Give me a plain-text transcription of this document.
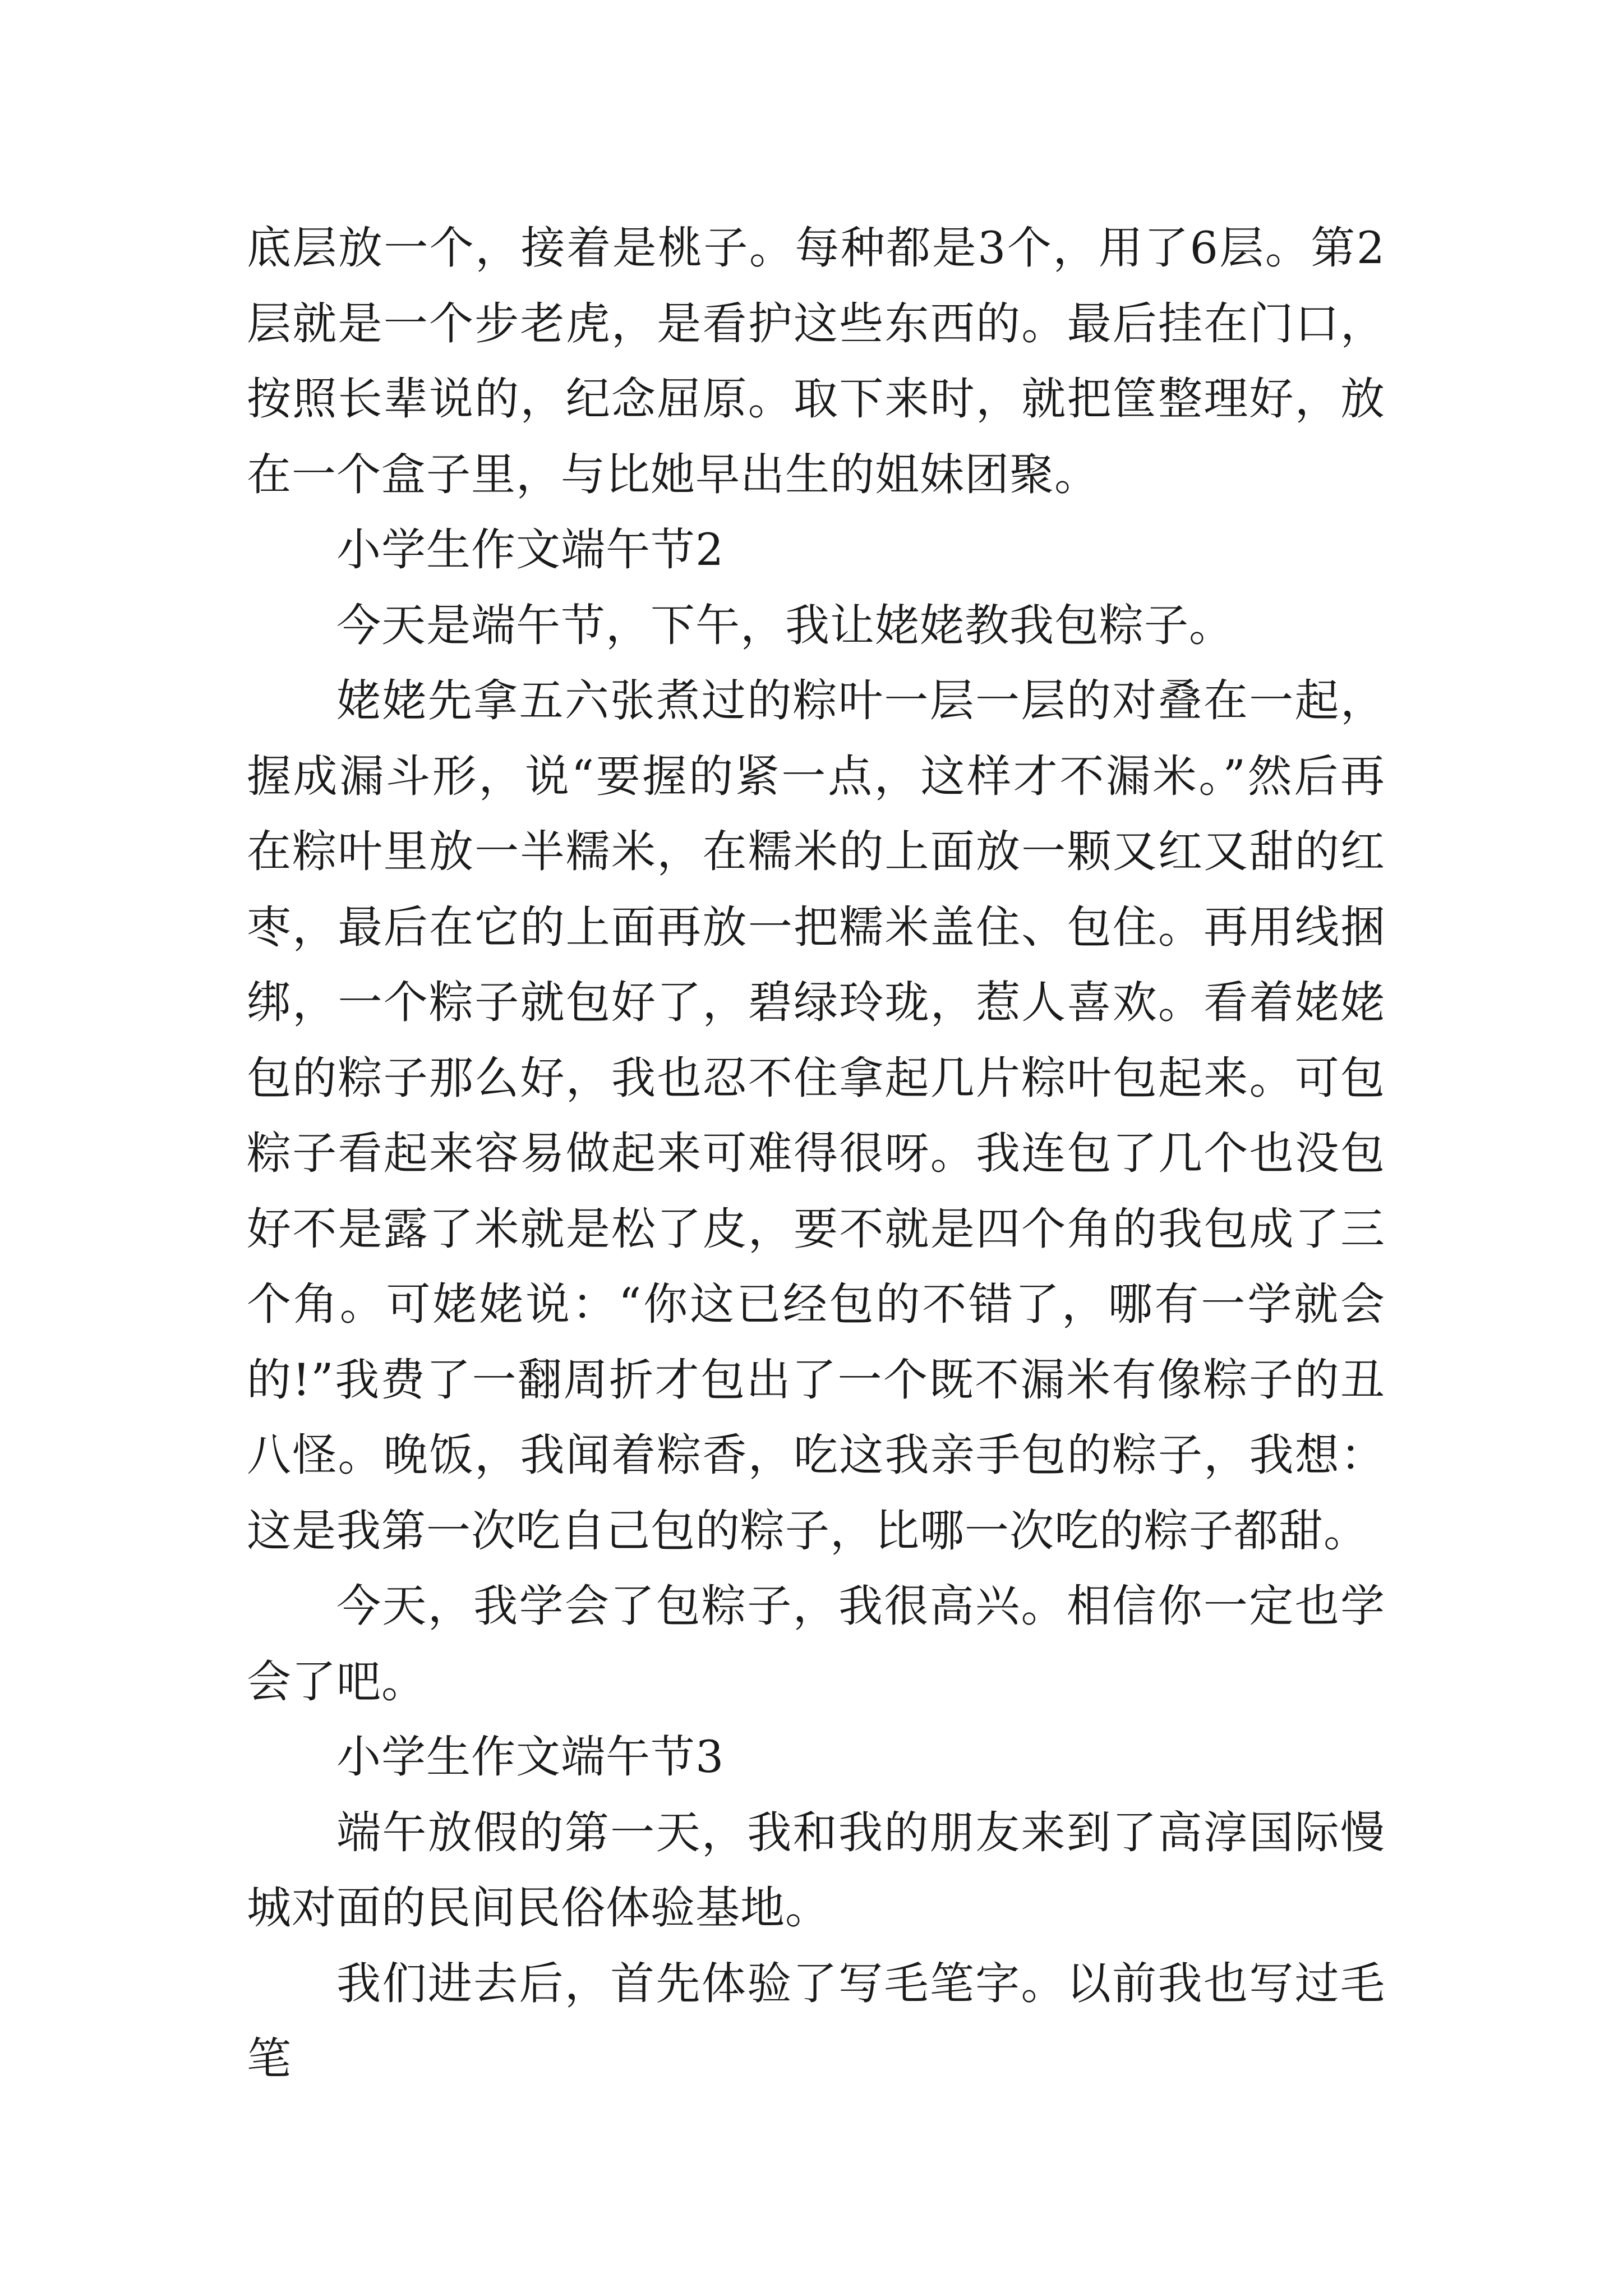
底层放一个，接着是桃子。每种都是3个，用了6层。第2层就是一个步老虎，是看护这些东西的。最后挂在门口，按照长辈说的，纪念屈原。取下来时，就把筐整理好，放在一个盒子里，与比她早出生的姐妹团聚。

小学生作文端午节2

今天是端午节，下午，我让姥姥教我包粽子。

姥姥先拿五六张煮过的粽叶一层一层的对叠在一起，握成漏斗形，说“要握的紧一点，这样才不漏米。”然后再在粽叶里放一半糯米，在糯米的上面放一颗又红又甜的红枣，最后在它的上面再放一把糯米盖住、包住。再用线捆绑，一个粽子就包好了，碧绿玲珑，惹人喜欢。看着姥姥包的粽子那么好，我也忍不住拿起几片粽叶包起来。可包粽子看起来容易做起来可难得很呀。我连包了几个也没包好不是露了米就是松了皮，要不就是四个角的我包成了三个角。可姥姥说：“你这已经包的不错了，哪有一学就会的!”我费了一翻周折才包出了一个既不漏米有像粽子的丑八怪。晚饭，我闻着粽香，吃这我亲手包的粽子，我想：这是我第一次吃自己包的粽子，比哪一次吃的粽子都甜。

今天，我学会了包粽子，我很高兴。相信你一定也学会了吧。

小学生作文端午节3

端午放假的第一天，我和我的朋友来到了高淳国际慢城对面的民间民俗体验基地。

我们进去后，首先体验了写毛笔字。以前我也写过毛笔
